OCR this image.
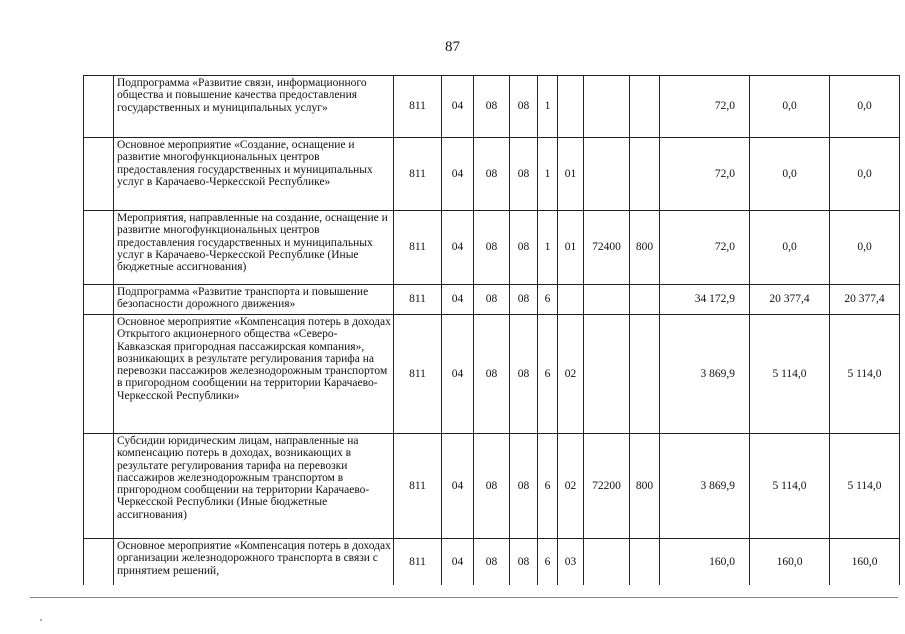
87
	Подпрограмма «Развитие связи, информационного общества и повышение качества предоставления государственных и муниципальных услуг»	811	04	08	08	1				72,0	0,0	0,0
	Основное мероприятие «Создание, оснащение и развитие многофункциональных центров предоставления государственных и муниципальных услуг в Карачаево-Черкесской Республике»	811	04	08	08	1	01			72,0	0,0	0,0
	Мероприятия, направленные на создание, оснащение и развитие многофункциональных центров предоставления государственных и муниципальных услуг в Карачаево-Черкесской Республике (Иные бюджетные ассигнования)	811	04	08	08	1	01	72400	800	72,0	0,0	0,0
	Подпрограмма «Развитие транспорта и повышение безопасности дорожного движения»	811	04	08	08	6				34 172,9	20 377,4	20 377,4
	Основное мероприятие «Компенсация потерь в доходах Открытого акционерного общества «Северо-Кавказская пригородная пассажирская компания», возникающих в результате регулирования тарифа на перевозки пассажиров железнодорожным транспортом в пригородном сообщении на территории Карачаево-Черкесской Республики»	811	04	08	08	6	02			3 869,9	5 114,0	5 114,0
	Субсидии юридическим лицам, направленные на компенсацию потерь в доходах, возникающих в результате регулирования тарифа на перевозки пассажиров железнодорожным транспортом в пригородном сообщении на территории Карачаево-Черкесской Республики (Иные бюджетные ассигнования)	811	04	08	08	6	02	72200	800	3 869,9	5 114,0	5 114,0
	Основное мероприятие «Компенсация потерь в доходах организации железнодорожного транспорта в связи с принятием решений,	811	04	08	08	6	03			160,0	160,0	160,0
